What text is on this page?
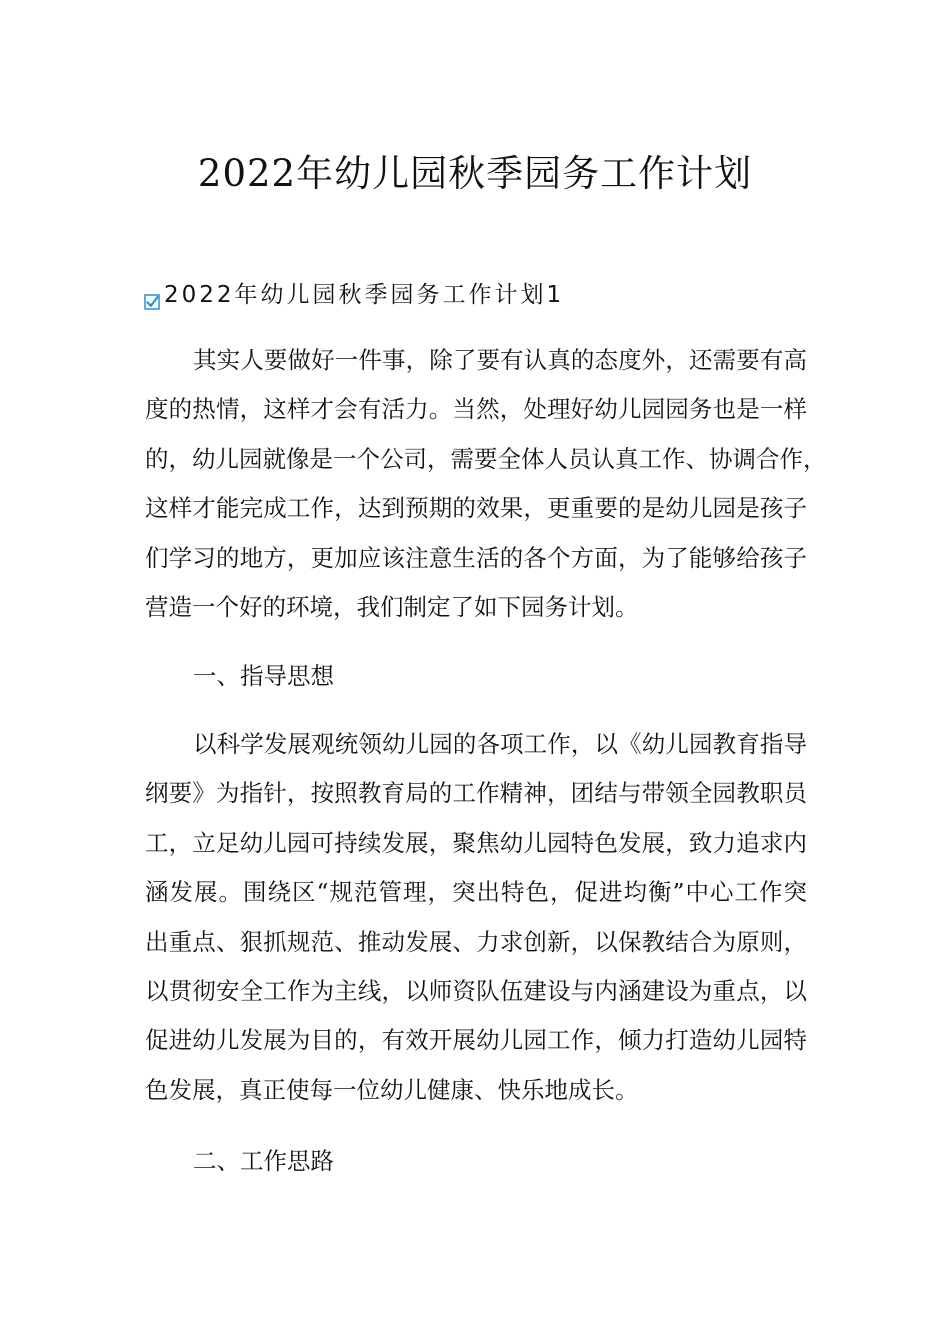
2022年幼儿园秋季园务工作计划
2022年幼儿园秋季园务工作计划1
其实人要做好一件事，除了要有认真的态度外，还需要有高
度的热情，这样才会有活力。当然，处理好幼儿园园务也是一样
的，幼儿园就像是一个公司，需要全体人员认真工作、协调合作，
这样才能完成工作，达到预期的效果，更重要的是幼儿园是孩子
们学习的地方，更加应该注意生活的各个方面，为了能够给孩子
营造一个好的环境，我们制定了如下园务计划。
一、指导思想
以科学发展观统领幼儿园的各项工作，以《幼儿园教育指导
纲要》为指针，按照教育局的工作精神，团结与带领全园教职员
工，立足幼儿园可持续发展，聚焦幼儿园特色发展，致力追求内
涵发展。围绕区“规范管理，突出特色，促进均衡”中心工作突
出重点、狠抓规范、推动发展、力求创新，以保教结合为原则，
以贯彻安全工作为主线，以师资队伍建设与内涵建设为重点，以
促进幼儿发展为目的，有效开展幼儿园工作，倾力打造幼儿园特
色发展，真正使每一位幼儿健康、快乐地成长。
二、工作思路
